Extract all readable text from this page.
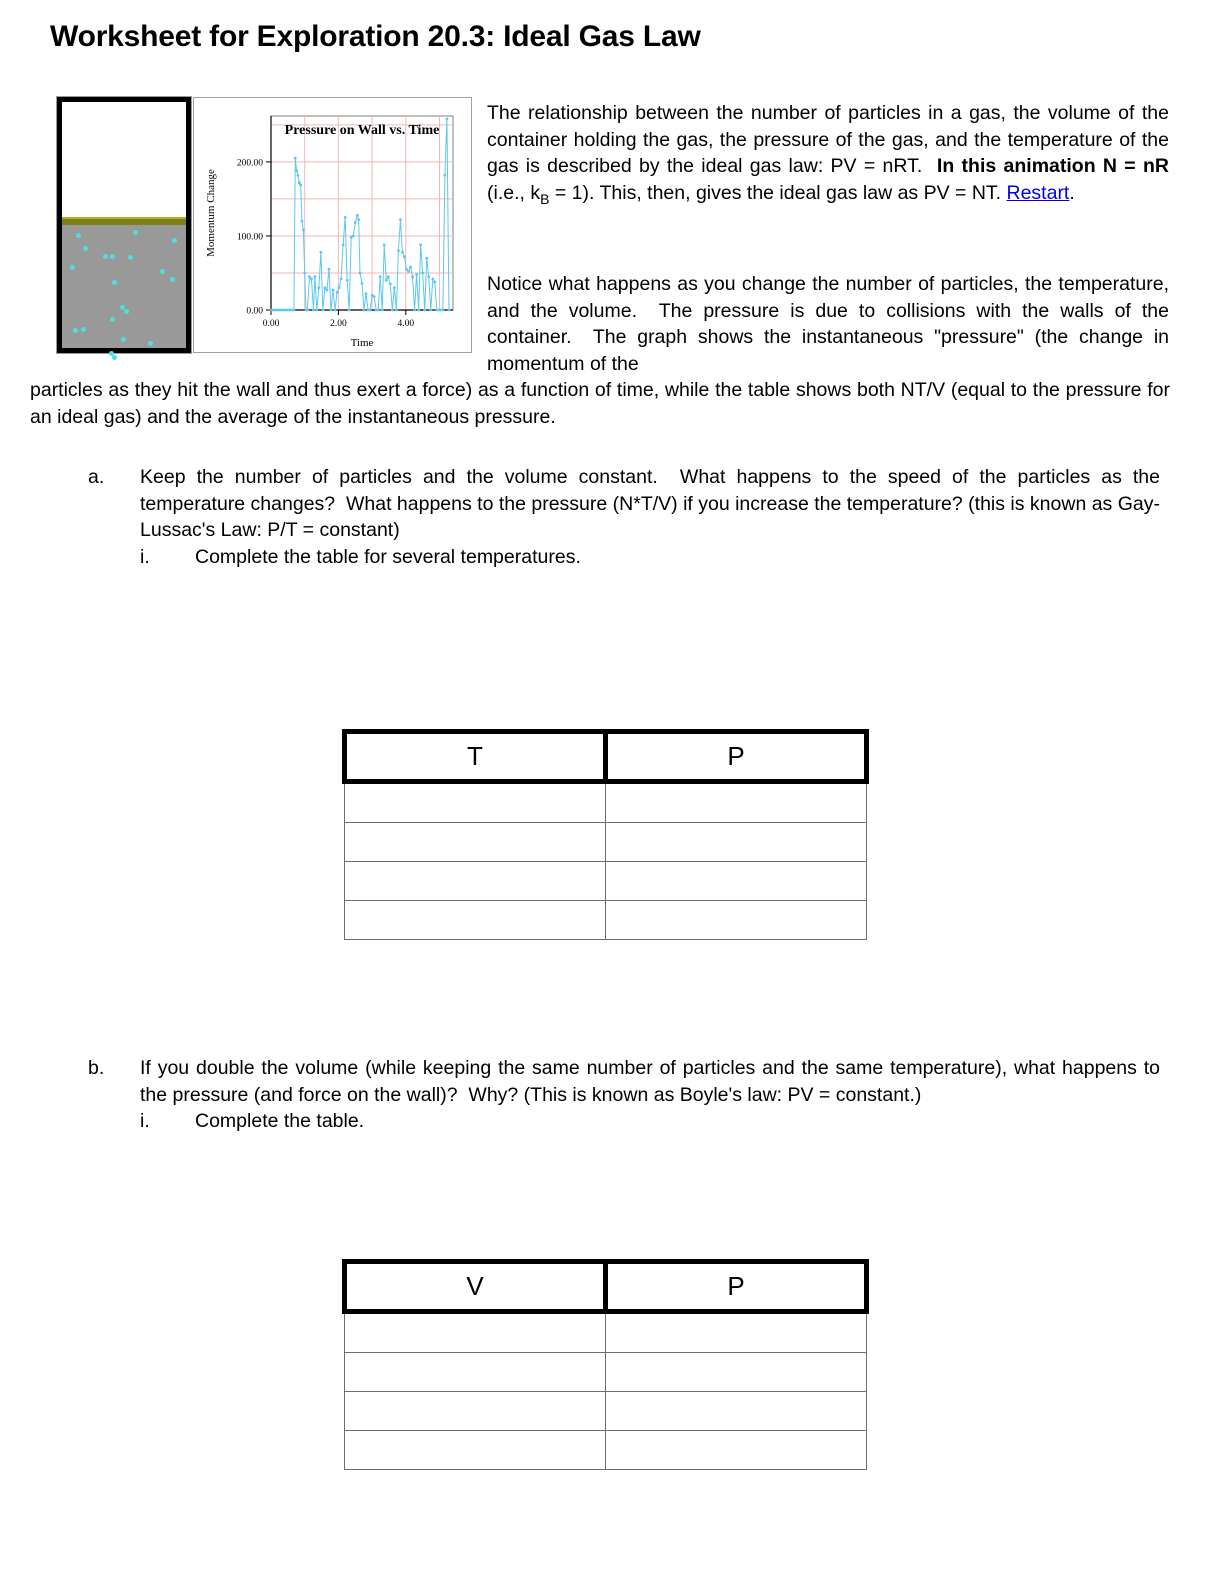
Worksheet for Exploration 20.3: Ideal Gas Law
Pressure on Wall vs. Time
Momentum Change
Time
0.00
100.00
200.00
0.00	2.00	4.00
The relationship between the number of particles in a gas, the volume of the container holding the gas, the pressure of the gas, and the temperature of the gas is described by the ideal gas law: PV = nRT.  In this animation N = nR (i.e., $k_B = 1$). This, then, gives the ideal gas law as PV = NT. Restart.
Notice what happens as you change the number of particles, the temperature, and the volume.  The pressure is due to collisions with the walls of the container.  The graph shows the instantaneous "pressure" (the change in momentum of the
particles as they hit the wall and thus exert a force) as a function of time, while the table shows both NT/V (equal to the pressure for an ideal gas) and the average of the instantaneous pressure.
a.	Keep the number of particles and the volume constant.  What happens to the speed of the particles as the temperature changes?  What happens to the pressure (N*T/V) if you increase the temperature? (this is known as Gay-Lussac's Law: P/T = constant)
i.	Complete the table for several temperatures.
T	P

b.	If you double the volume (while keeping the same number of particles and the same temperature), what happens to the pressure (and force on the wall)?  Why? (This is known as Boyle's law: PV = constant.)
i.	Complete the table.
V	P
